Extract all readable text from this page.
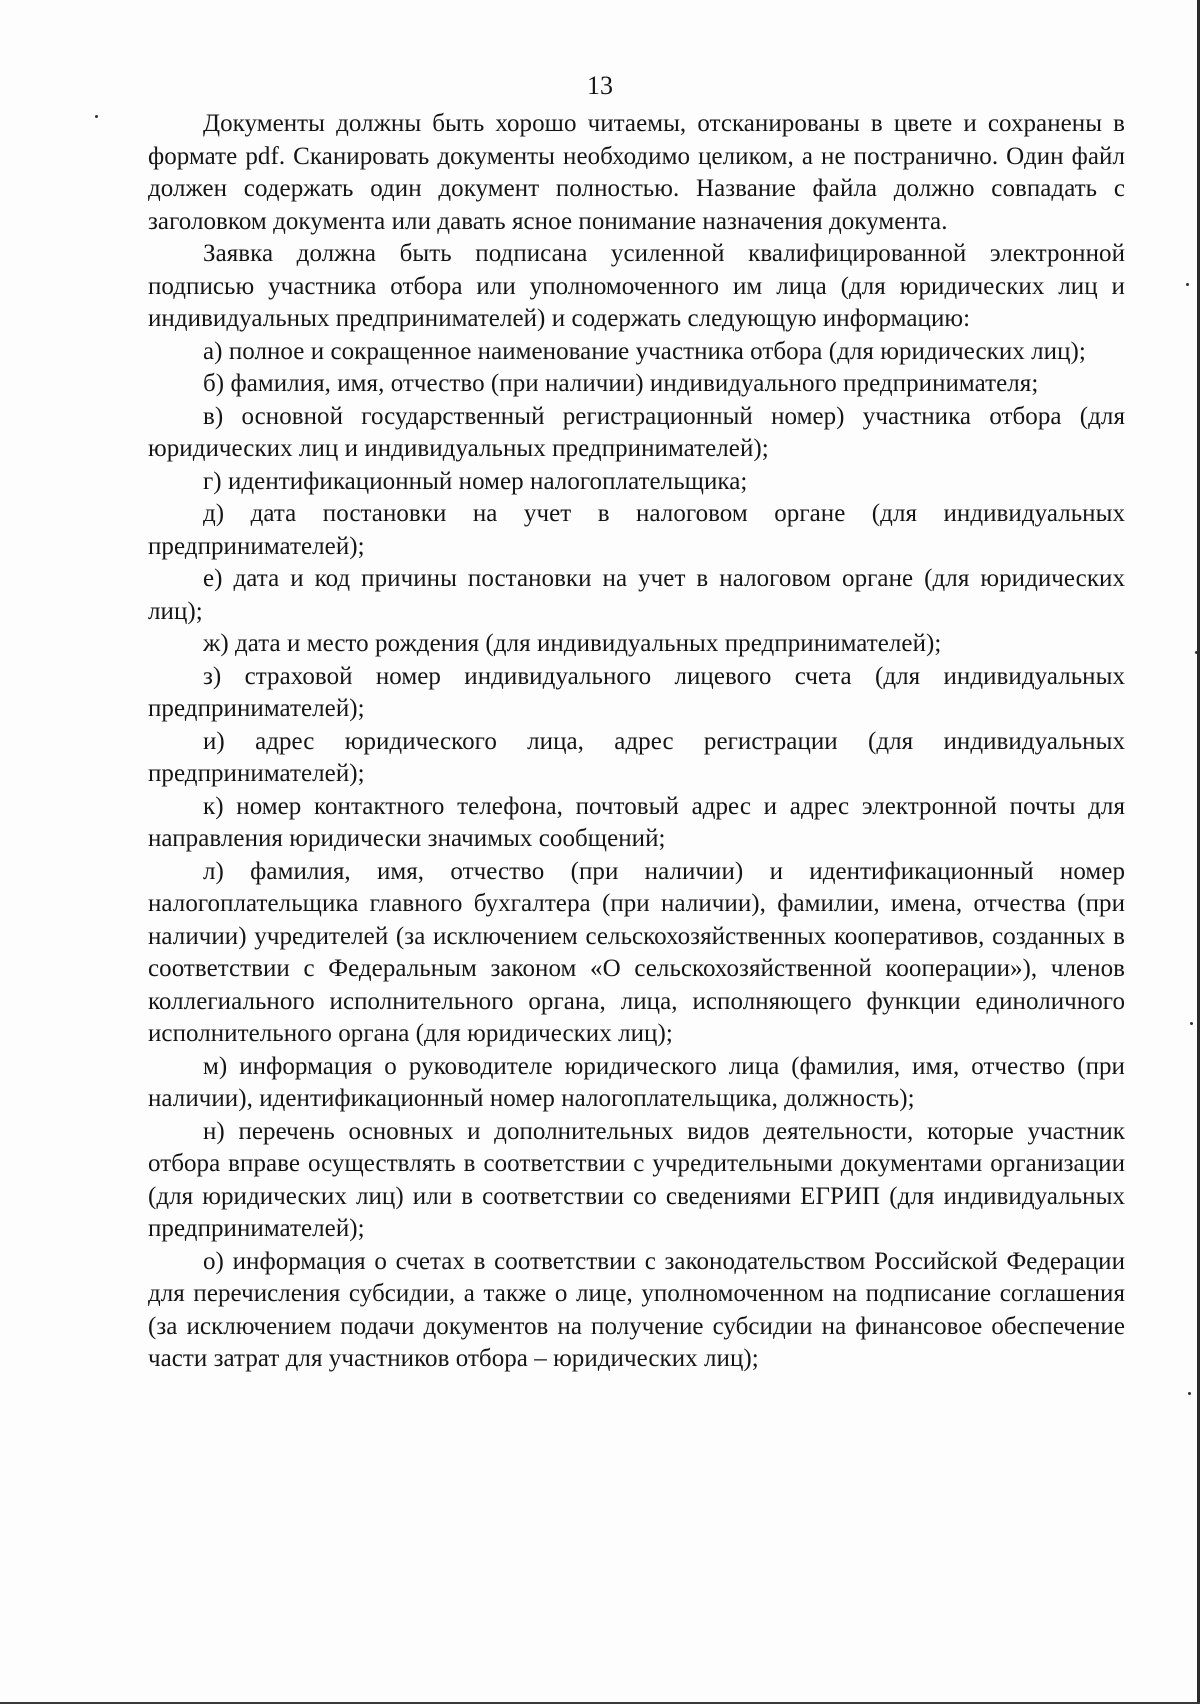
13

Документы должны быть хорошо читаемы, отсканированы в цвете и сохранены в формате pdf. Сканировать документы необходимо целиком, а не постранично. Один файл должен содержать один документ полностью. Название файла должно совпадать с заголовком документа или давать ясное понимание назначения документа.

Заявка должна быть подписана усиленной квалифицированной электронной подписью участника отбора или уполномоченного им лица (для юридических лиц и индивидуальных предпринимателей) и содержать следующую информацию:

а) полное и сокращенное наименование участника отбора (для юридических лиц);

б) фамилия, имя, отчество (при наличии) индивидуального предпринимателя;

в) основной государственный регистрационный номер) участника отбора (для юридических лиц и индивидуальных предпринимателей);

г) идентификационный номер налогоплательщика;

д) дата постановки на учет в налоговом органе (для индивидуальных предпринимателей);

е) дата и код причины постановки на учет в налоговом органе (для юридических лиц);

ж) дата и место рождения (для индивидуальных предпринимателей);

з) страховой номер индивидуального лицевого счета (для индивидуальных предпринимателей);

и) адрес юридического лица, адрес регистрации (для индивидуальных предпринимателей);

к) номер контактного телефона, почтовый адрес и адрес электронной почты для направления юридически значимых сообщений;

л) фамилия, имя, отчество (при наличии) и идентификационный номер налогоплательщика главного бухгалтера (при наличии), фамилии, имена, отчества (при наличии) учредителей (за исключением сельскохозяйственных кооперативов, созданных в соответствии с Федеральным законом «О сельскохозяйственной кооперации»), членов коллегиального исполнительного органа, лица, исполняющего функции единоличного исполнительного органа (для юридических лиц);

м) информация о руководителе юридического лица (фамилия, имя, отчество (при наличии), идентификационный номер налогоплательщика, должность);

н) перечень основных и дополнительных видов деятельности, которые участник отбора вправе осуществлять в соответствии с учредительными документами организации (для юридических лиц) или в соответствии со сведениями ЕГРИП (для индивидуальных предпринимателей);

о) информация о счетах в соответствии с законодательством Российской Федерации для перечисления субсидии, а также о лице, уполномоченном на подписание соглашения (за исключением подачи документов на получение субсидии на финансовое обеспечение части затрат для участников отбора – юридических лиц);
